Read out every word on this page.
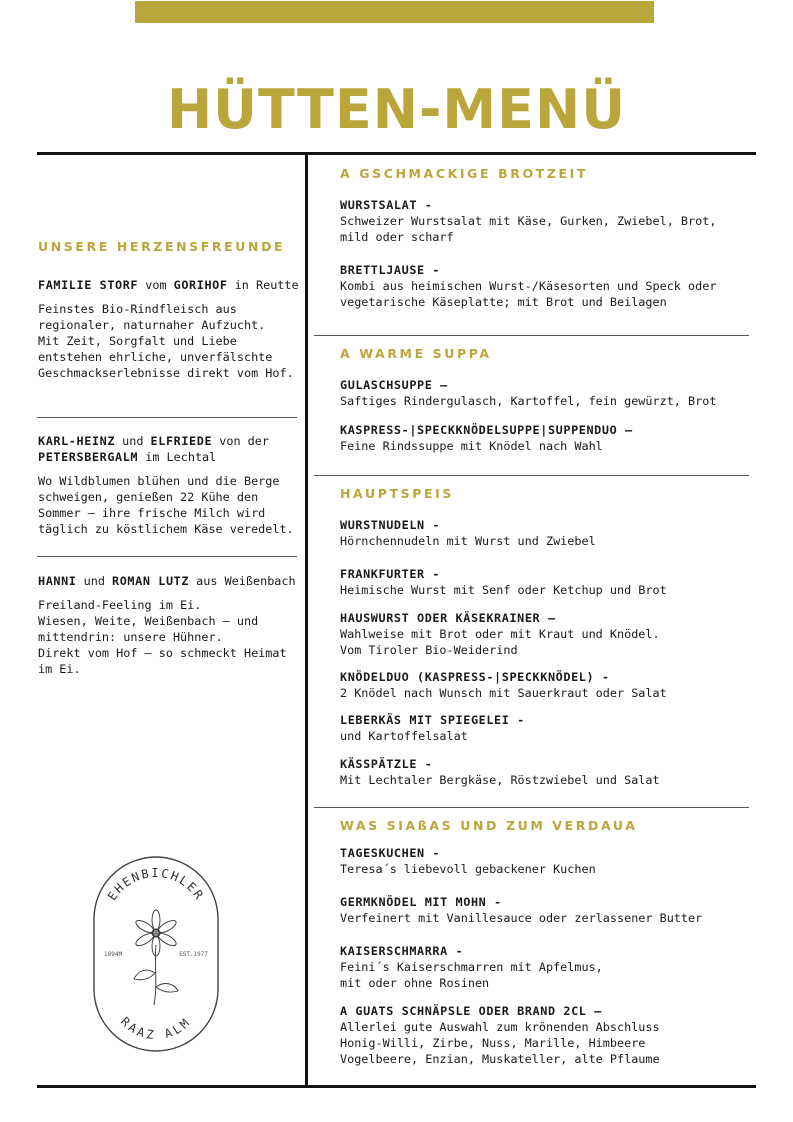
HÜTTEN-MENÜ
UNSERE HERZENSFREUNDE
FAMILIE STORF vom GORIHOF in Reutte
Feinstes Bio-Rindfleisch aus regionaler, naturnaher Aufzucht.
Mit Zeit, Sorgfalt und Liebe entstehen ehrliche, unverfälschte Geschmackserlebnisse direkt vom Hof.
KARL-HEINZ und ELFRIEDE von der PETERSBERGALM im Lechtal
Wo Wildblumen blühen und die Berge schweigen, genießen 22 Kühe den Sommer – ihre frische Milch wird täglich zu köstlichem Käse veredelt.
HANNI und ROMAN LUTZ aus Weißenbach
Freiland-Feeling im Ei.
Wiesen, Weite, Weißenbach – und mittendrin: unsere Hühner.
Direkt vom Hof – so schmeckt Heimat im Ei.
EHENBICHLER
RAAZ ALM
1894M	EST.1977
A GSCHMACKIGE BROTZEIT
WURSTSALAT -
Schweizer Wurstsalat mit Käse, Gurken, Zwiebel, Brot,
mild oder scharf
BRETTLJAUSE -
Kombi aus heimischen Wurst-/Käsesorten und Speck oder
vegetarische Käseplatte; mit Brot und Beilagen
A WARME SUPPA
GULASCHSUPPE –
Saftiges Rindergulasch, Kartoffel, fein gewürzt, Brot
KASPRESS-|SPECKKNÖDELSUPPE|SUPPENDUO –
Feine Rindssuppe mit Knödel nach Wahl
HAUPTSPEIS
WURSTNUDELN -
Hörnchennudeln mit Wurst und Zwiebel
FRANKFURTER -
Heimische Wurst mit Senf oder Ketchup und Brot
HAUSWURST ODER KÄSEKRAINER –
Wahlweise mit Brot oder mit Kraut und Knödel.
Vom Tiroler Bio-Weiderind
KNÖDELDUO (KASPRESS-|SPECKKNÖDEL) -
2 Knödel nach Wunsch mit Sauerkraut oder Salat
LEBERKÄS MIT SPIEGELEI -
und Kartoffelsalat
KÄSSPÄTZLE -
Mit Lechtaler Bergkäse, Röstzwiebel und Salat
WAS SIAßAS UND ZUM VERDAUA
TAGESKUCHEN -
Teresa´s liebevoll gebackener Kuchen
GERMKNÖDEL MIT MOHN -
Verfeinert mit Vanillesauce oder zerlassener Butter
KAISERSCHMARRA -
Feini´s Kaiserschmarren mit Apfelmus,
mit oder ohne Rosinen
A GUATS SCHNÄPSLE ODER BRAND 2CL –
Allerlei gute Auswahl zum krönenden Abschluss
Honig-Willi, Zirbe, Nuss, Marille, Himbeere
Vogelbeere, Enzian, Muskateller, alte Pflaume
